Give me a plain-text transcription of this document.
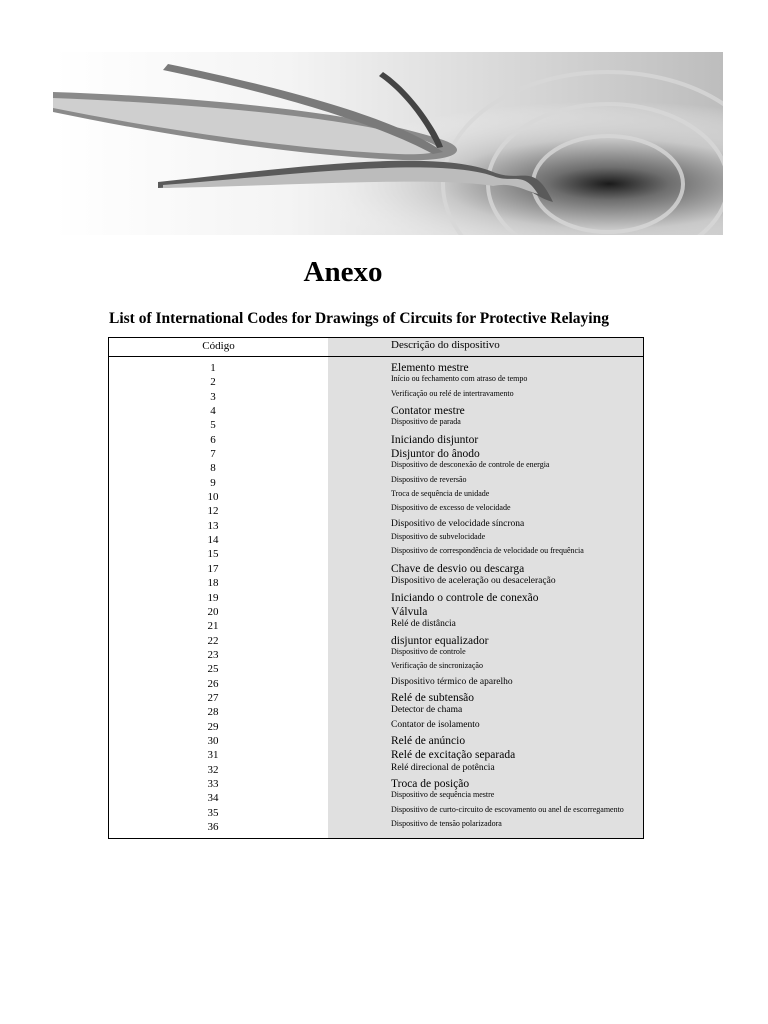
Anexo
List of International Codes for Drawings of Circuits for Protective Relaying
Código	Descrição do dispositivo
1	Elemento mestre
2	Início ou fechamento com atraso de tempo
3	Verificação ou relé de intertravamento
4	Contator mestre
5	Dispositivo de parada
6	Iniciando disjuntor
7	Disjuntor do ânodo
8	Dispositivo de desconexão de controle de energia
9	Dispositivo de reversão
10	Troca de sequência de unidade
12	Dispositivo de excesso de velocidade
13	Dispositivo de velocidade síncrona
14	Dispositivo de subvelocidade
15	Dispositivo de correspondência de velocidade ou frequência
17	Chave de desvio ou descarga
18	Dispositivo de aceleração ou desaceleração
19	Iniciando o controle de conexão
20	Válvula
21	Relé de distância
22	disjuntor equalizador
23	Dispositivo de controle
25	Verificação de sincronização
26	Dispositivo térmico de aparelho
27	Relé de subtensão
28	Detector de chama
29	Contator de isolamento
30	Relé de anúncio
31	Relé de excitação separada
32	Relé direcional de potência
33	Troca de posição
34	Dispositivo de sequência mestre
35	Dispositivo de curto-circuito de escovamento ou anel de escorregamento
36	Dispositivo de tensão polarizadora
